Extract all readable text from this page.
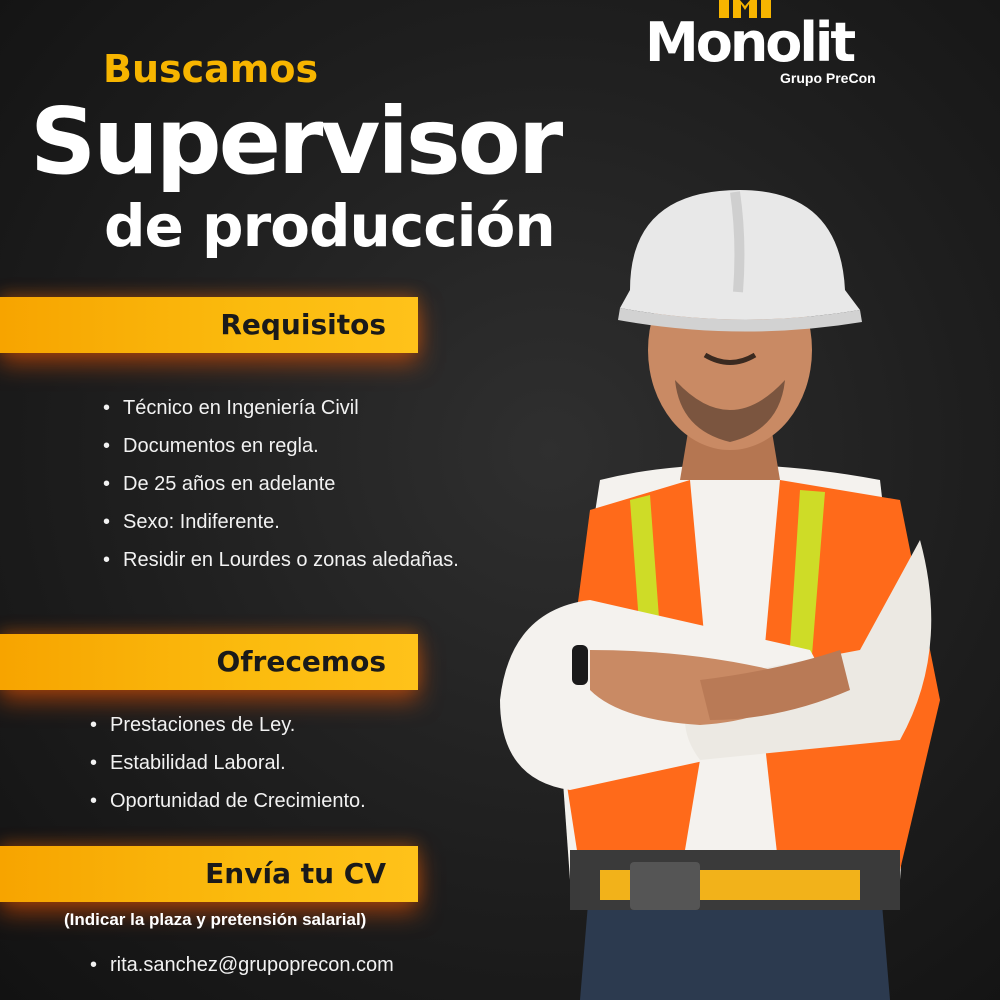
Monolit
Grupo PreCon
Buscamos
Supervisor
de producción
Requisitos
• Técnico en Ingeniería Civil
• Documentos en regla.
• De 25 años en adelante
• Sexo: Indiferente.
• Residir en Lourdes o zonas aledañas.
Ofrecemos
• Prestaciones de Ley.
• Estabilidad Laboral.
• Oportunidad de Crecimiento.
Envía tu CV
(Indicar la plaza y pretensión salarial)
• rita.sanchez@grupoprecon.com
